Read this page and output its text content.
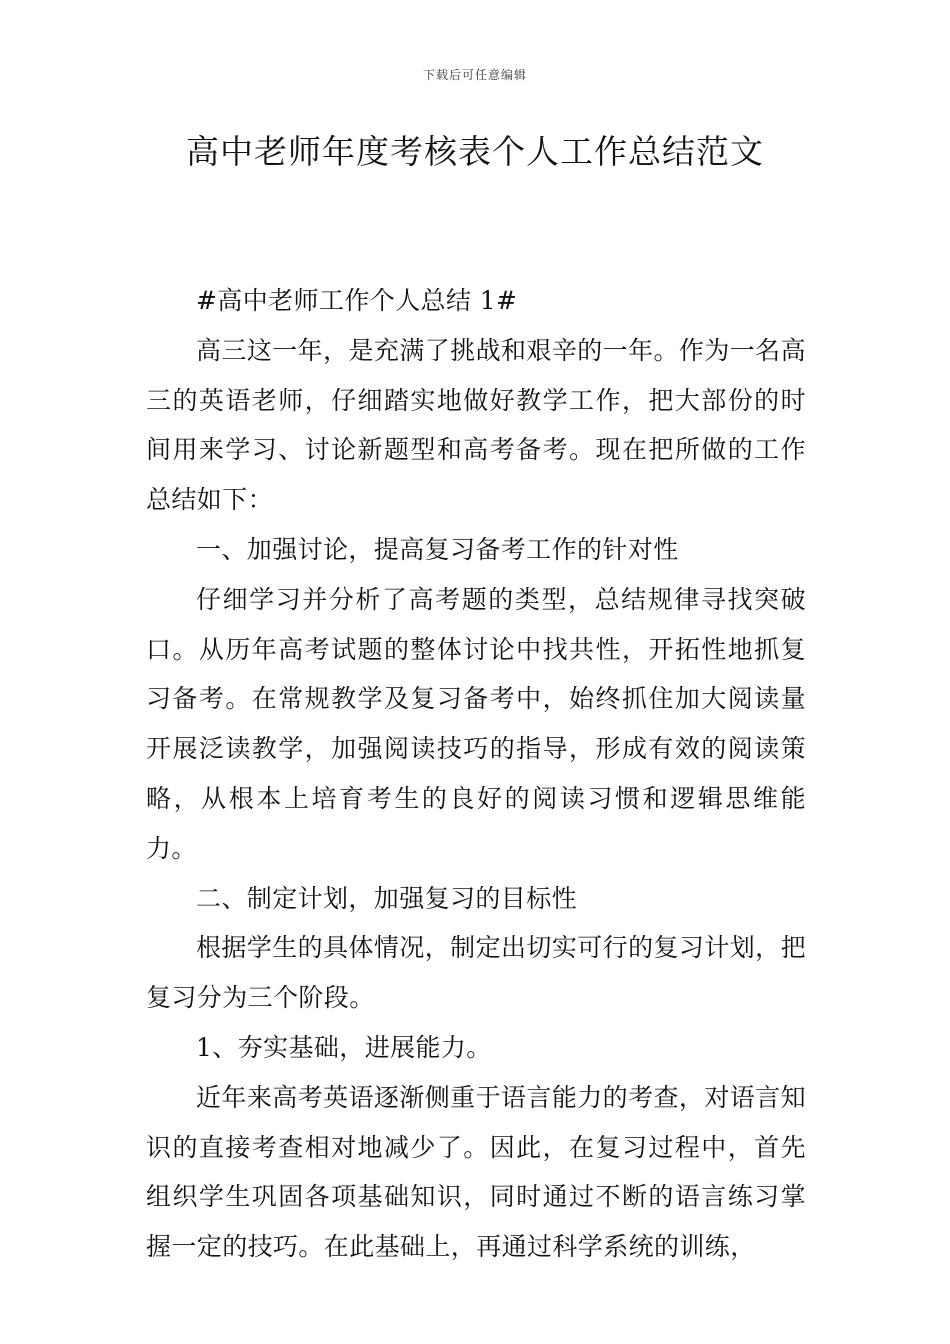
下载后可任意编辑
高中老师年度考核表个人工作总结范文

#高中老师工作个人总结 1#

高三这一年，是充满了挑战和艰辛的一年。作为一名高三的英语老师，仔细踏实地做好教学工作，把大部份的时间用来学习、讨论新题型和高考备考。现在把所做的工作总结如下：

一、加强讨论，提高复习备考工作的针对性

仔细学习并分析了高考题的类型，总结规律寻找突破口。从历年高考试题的整体讨论中找共性，开拓性地抓复习备考。在常规教学及复习备考中，始终抓住加大阅读量开展泛读教学，加强阅读技巧的指导，形成有效的阅读策略，从根本上培育考生的良好的阅读习惯和逻辑思维能力。

二、制定计划，加强复习的目标性

根据学生的具体情况，制定出切实可行的复习计划，把复习分为三个阶段。

1、夯实基础，进展能力。

近年来高考英语逐渐侧重于语言能力的考查，对语言知识的直接考查相对地减少了。因此，在复习过程中，首先组织学生巩固各项基础知识，同时通过不断的语言练习掌握一定的技巧。在此基础上，再通过科学系统的训练，
